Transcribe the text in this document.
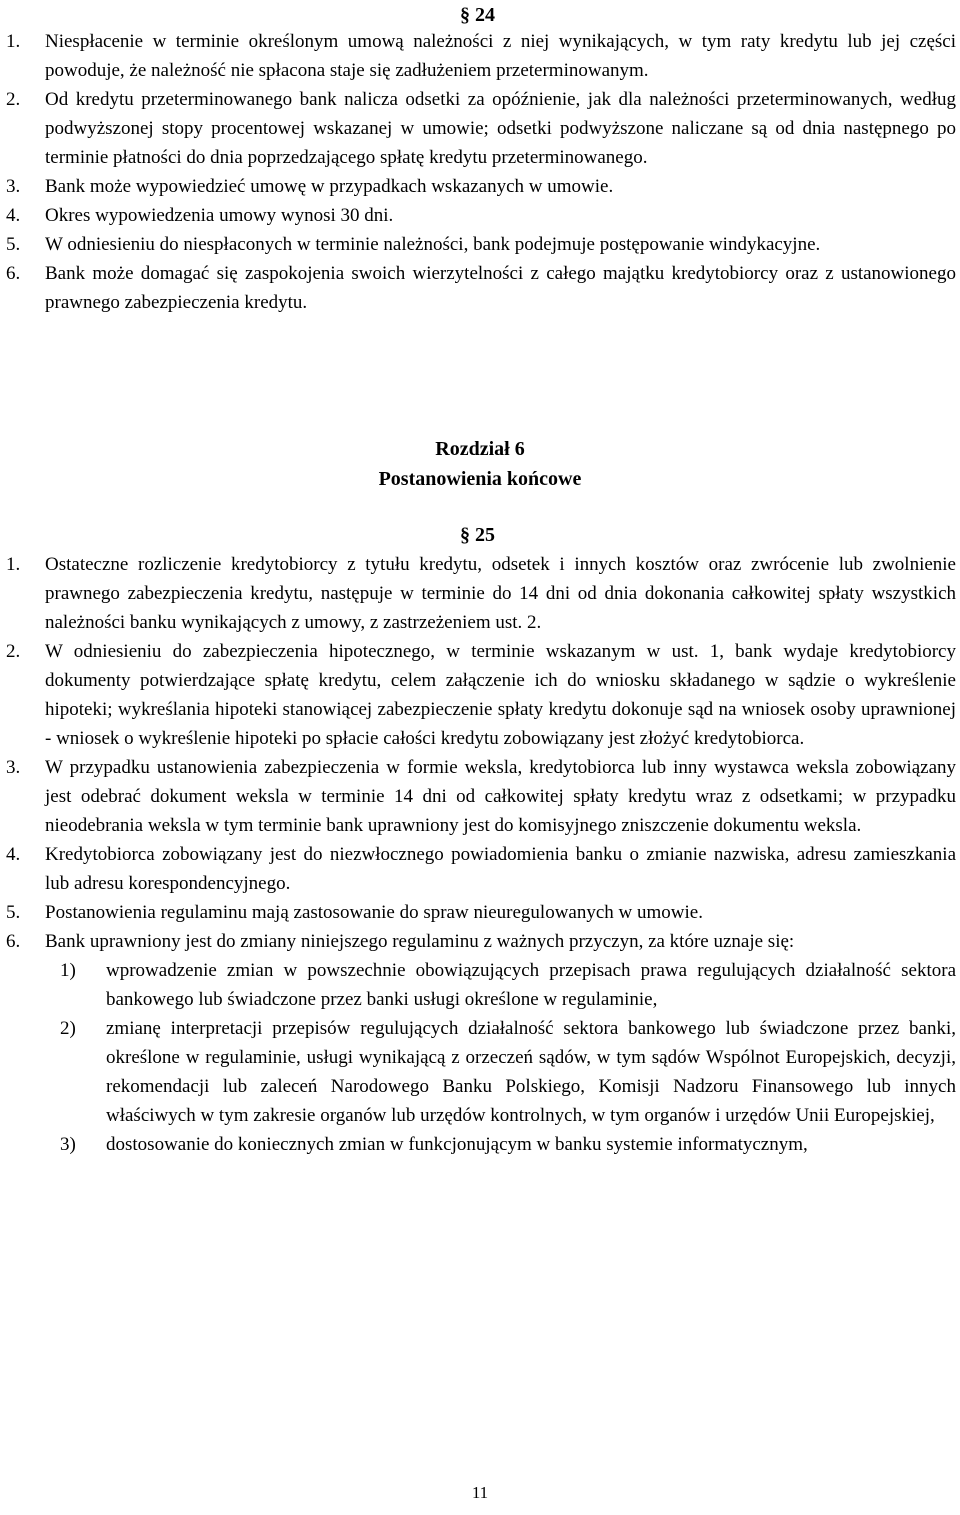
§ 24
1. Niespłacenie w terminie określonym umową należności z niej wynikających, w tym raty kredytu lub jej części powoduje, że należność nie spłacona staje się zadłużeniem przeterminowanym.
2. Od kredytu przeterminowanego bank nalicza odsetki za opóźnienie, jak dla należności przeterminowanych, według podwyższonej stopy procentowej wskazanej w umowie; odsetki podwyższone naliczane są od dnia następnego po terminie płatności do dnia poprzedzającego spłatę kredytu przeterminowanego.
3. Bank może wypowiedzieć umowę w przypadkach wskazanych w umowie.
4. Okres wypowiedzenia umowy wynosi 30 dni.
5. W odniesieniu do niespłaconych w terminie należności, bank podejmuje postępowanie windykacyjne.
6. Bank może domagać się zaspokojenia swoich wierzytelności z całego majątku kredytobiorcy oraz z ustanowionego prawnego zabezpieczenia kredytu.
Rozdział 6
Postanowienia końcowe
§ 25
1. Ostateczne rozliczenie kredytobiorcy z tytułu kredytu, odsetek i innych kosztów oraz zwrócenie lub zwolnienie prawnego zabezpieczenia kredytu, następuje w terminie do 14 dni od dnia dokonania całkowitej spłaty wszystkich należności banku wynikających z umowy, z zastrzeżeniem ust. 2.
2. W odniesieniu do zabezpieczenia hipotecznego, w terminie wskazanym w ust. 1, bank wydaje kredytobiorcy dokumenty potwierdzające spłatę kredytu, celem załączenie ich do wniosku składanego w sądzie o wykreślenie hipoteki; wykreślania hipoteki stanowiącej zabezpieczenie spłaty kredytu dokonuje sąd na wniosek osoby uprawnionej - wniosek o wykreślenie hipoteki po spłacie całości kredytu zobowiązany jest złożyć kredytobiorca.
3. W przypadku ustanowienia zabezpieczenia w formie weksla, kredytobiorca lub inny wystawca weksla zobowiązany jest odebrać dokument weksla w terminie 14 dni od całkowitej spłaty kredytu wraz z odsetkami; w przypadku nieodebrania weksla w tym terminie bank uprawniony jest do komisyjnego zniszczenie dokumentu weksla.
4. Kredytobiorca zobowiązany jest do niezwłocznego powiadomienia banku o zmianie nazwiska, adresu zamieszkania lub adresu korespondencyjnego.
5. Postanowienia regulaminu mają zastosowanie do spraw nieuregulowanych w umowie.
6. Bank uprawniony jest do zmiany niniejszego regulaminu z ważnych przyczyn, za które uznaje się:
1) wprowadzenie zmian w powszechnie obowiązujących przepisach prawa regulujących działalność sektora bankowego lub świadczone przez banki usługi określone w regulaminie,
2) zmianę interpretacji przepisów regulujących działalność sektora bankowego lub świadczone przez banki, określone w regulaminie, usługi wynikającą z orzeczeń sądów, w tym sądów Wspólnot Europejskich, decyzji, rekomendacji lub zaleceń Narodowego Banku Polskiego, Komisji Nadzoru Finansowego lub innych właściwych w tym zakresie organów lub urzędów kontrolnych, w tym organów i urzędów Unii Europejskiej,
3) dostosowanie do koniecznych zmian w funkcjonującym w banku systemie informatycznym,
11
